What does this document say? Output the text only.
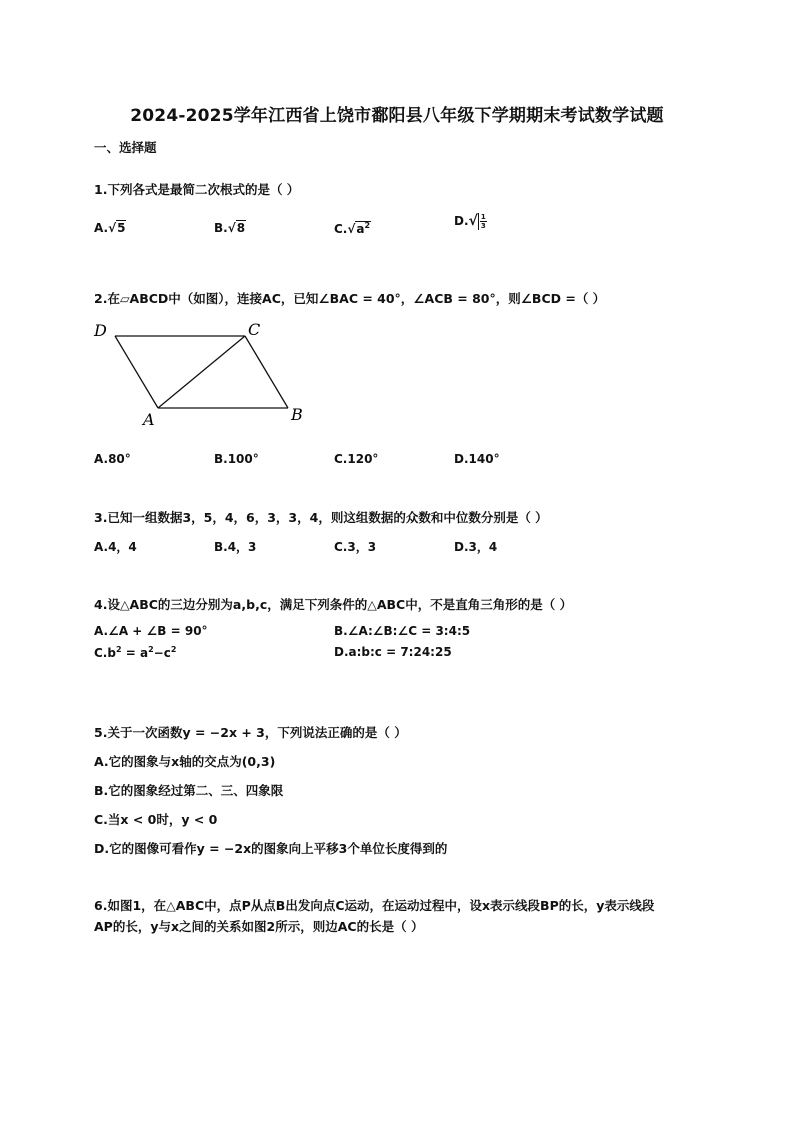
2024-2025学年江西省上饶市鄱阳县八年级下学期期末考试数学试题
一、选择题
1.下列各式是最简二次根式的是（ ）
A.√5	B.√8	$C.√a^2$	$D.√ \frac{1}{3}$
2.在▱ABCD中（如图），连接AC，已知∠BAC = 40°，∠ACB = 80°，则∠BCD =（ ）
D	C
A	B
A.80°	B.100°	C.120°	D.140°
3.已知一组数据3，5，4，6，3，3，4，则这组数据的众数和中位数分别是（ ）
A.4，4	B.4，3	C.3，3	D.3，4
4.设△ABC的三边分别为a,b,c，满足下列条件的△ABC中，不是直角三角形的是（ ）
A.∠A + ∠B = 90°	B.∠A:∠B:∠C = 3:4:5
$C.b^2 = a^2-c^2$	D.a:b:c = 7:24:25
5.关于一次函数y = −2x + 3，下列说法正确的是（ ）
A.它的图象与x轴的交点为(0,3)
B.它的图象经过第二、三、四象限
C.当x < 0时，y < 0
D.它的图像可看作y = −2x的图象向上平移3个单位长度得到的
6.如图1，在△ABC中，点P从点B出发向点C运动，在运动过程中，设x表示线段BP的长，y表示线段
AP的长，y与x之间的关系如图2所示，则边AC的长是（ ）
